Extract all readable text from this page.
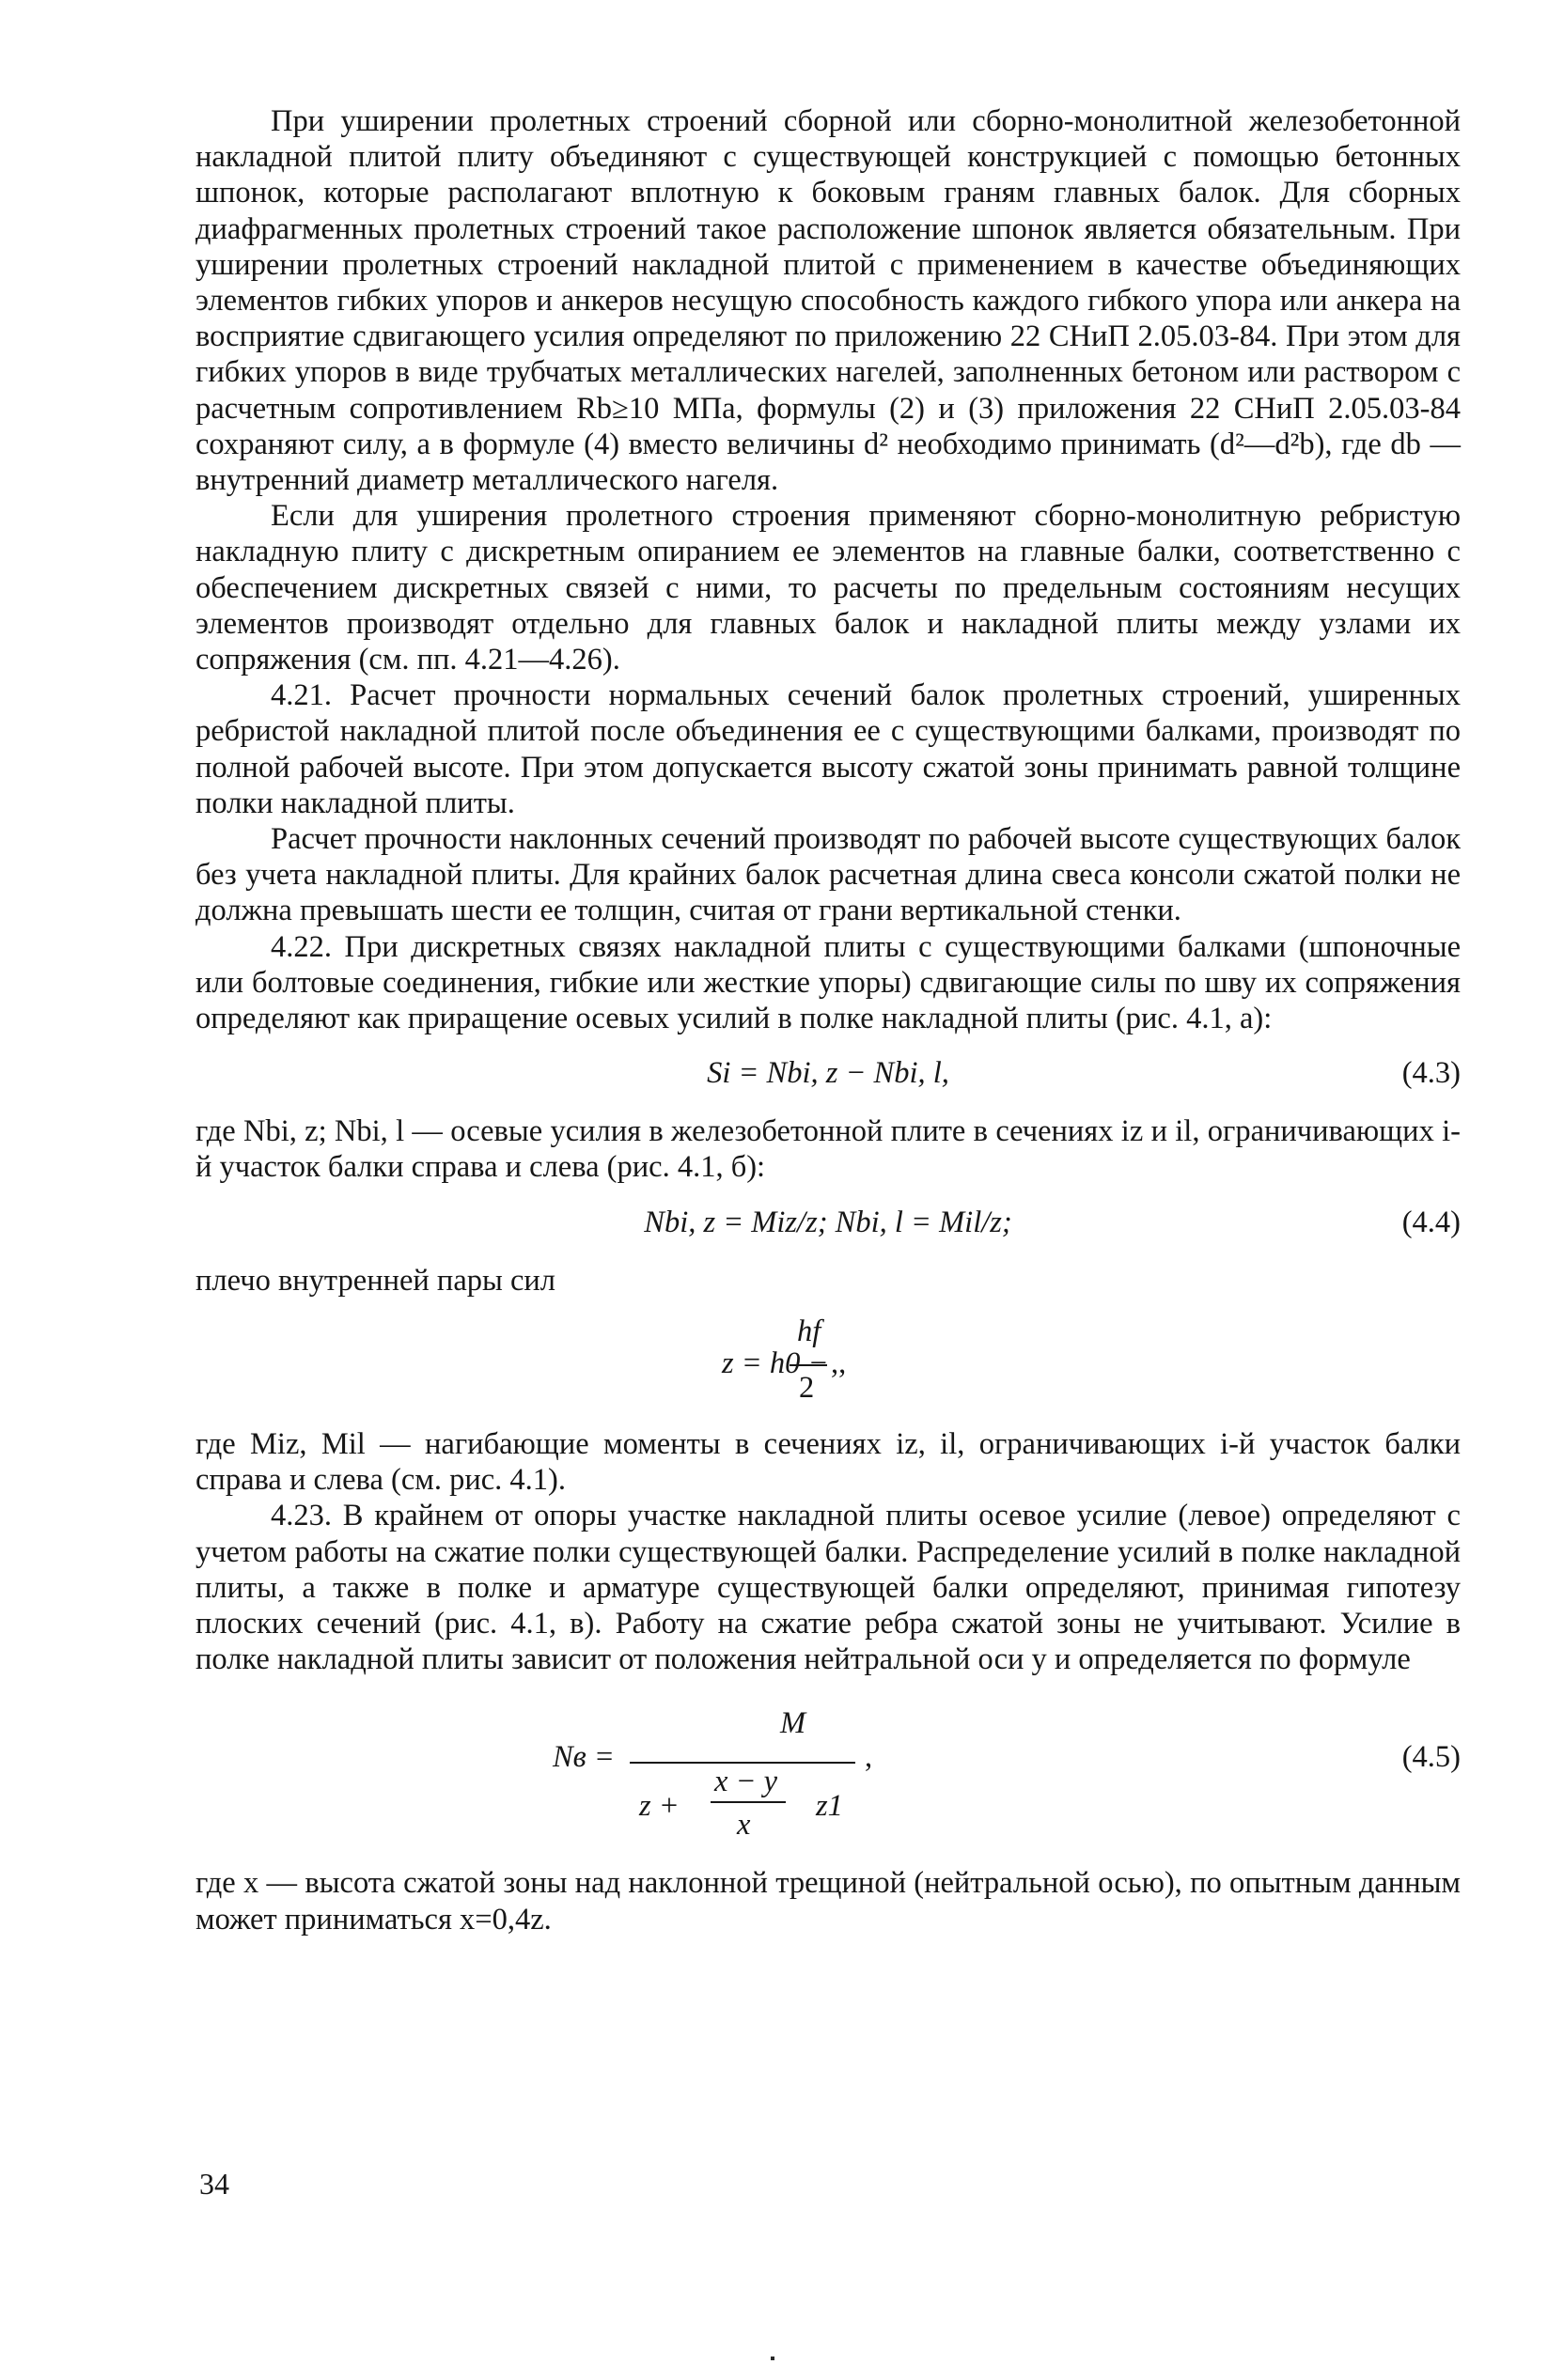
При уширении пролетных строений сборной или сборно-монолитной железобетонной накладной плитой плиту объединяют с существующей конструкцией с помощью бетонных шпонок, которые располагают вплотную к боковым граням главных балок. Для сборных диафрагменных пролетных строений такое расположение шпонок является обязательным. При уширении пролетных строений накладной плитой с применением в качестве объединяющих элементов гибких упоров и анкеров несущую способность каждого гибкого упора или анкера на восприятие сдвигающего усилия определяют по приложению 22 СНиП 2.05.03-84. При этом для гибких упоров в виде трубчатых металлических нагелей, заполненных бетоном или раствором с расчетным сопротивлением Rb≥10 МПа, формулы (2) и (3) приложения 22 СНиП 2.05.03-84 сохраняют силу, а в формуле (4) вместо величины d² необходимо принимать (d²—d²b), где db — внутренний диаметр металлического нагеля.

Если для уширения пролетного строения применяют сборно-монолитную ребристую накладную плиту с дискретным опиранием ее элементов на главные балки, соответственно с обеспечением дискретных связей с ними, то расчеты по предельным состояниям несущих элементов производят отдельно для главных балок и накладной плиты между узлами их сопряжения (см. пп. 4.21—4.26).

4.21. Расчет прочности нормальных сечений балок пролетных строений, уширенных ребристой накладной плитой после объединения ее с существующими балками, производят по полной рабочей высоте. При этом допускается высоту сжатой зоны принимать равной толщине полки накладной плиты.

Расчет прочности наклонных сечений производят по рабочей высоте существующих балок без учета накладной плиты. Для крайних балок расчетная длина свеса консоли сжатой полки не должна превышать шести ее толщин, считая от грани вертикальной стенки.

4.22. При дискретных связях накладной плиты с существующими балками (шпоночные или болтовые соединения, гибкие или жесткие упоры) сдвигающие силы по шву их сопряжения определяют как приращение осевых усилий в полке накладной плиты (рис. 4.1, а):

Si = Nbi, z − Nbi, l,	(4.3)

где Nbi, z; Nbi, l — осевые усилия в железобетонной плите в сечениях iz и il, ограничивающих i-й участок балки справа и слева (рис. 4.1, б):

Nbi, z = Miz/z; Nbi, l = Mil/z;	(4.4)

плечо внутренней пары сил

z = h0 −
hf
2
,,

где Miz, Mil — нагибающие моменты в сечениях iz, il, ограничивающих i-й участок балки справа и слева (см. рис. 4.1).

4.23. В крайнем от опоры участке накладной плиты осевое усилие (левое) определяют с учетом работы на сжатие полки существующей балки. Распределение усилий в полке накладной плиты, а также в полке и арматуре существующей балки определяют, принимая гипотезу плоских сечений (рис. 4.1, в). Работу на сжатие ребра сжатой зоны не учитывают. Усилие в полке накладной плиты зависит от положения нейтральной оси y и определяется по формуле

Nв =
M
z +
x − y
x
z1
,	(4.5)

где x — высота сжатой зоны над наклонной трещиной (нейтральной осью), по опытным данным может приниматься x=0,4z.

34
